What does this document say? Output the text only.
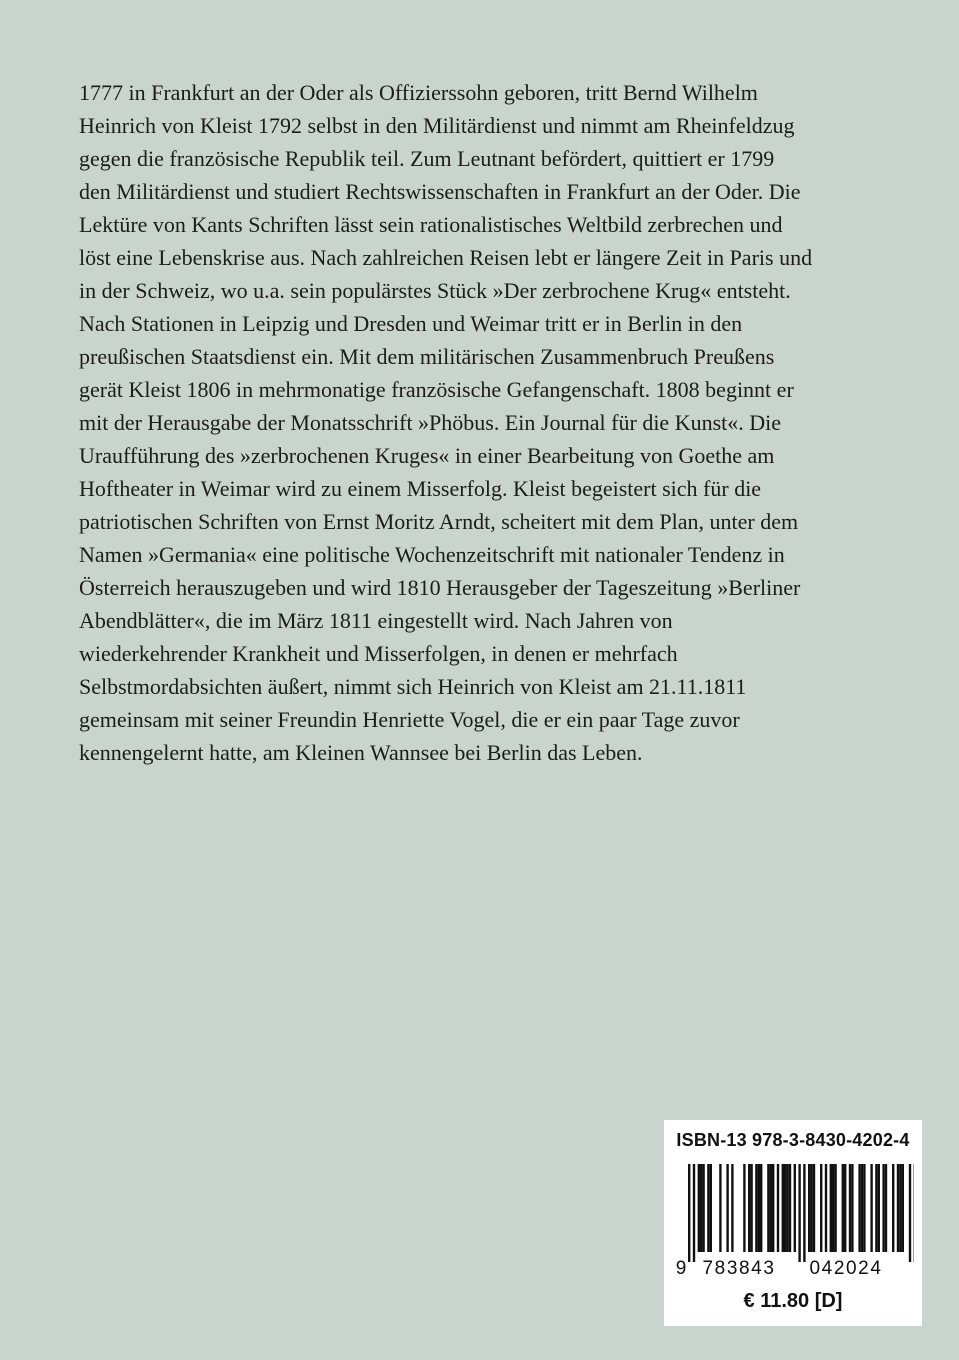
1777 in Frankfurt an der Oder als Offizierssohn geboren, tritt Bernd Wilhelm
Heinrich von Kleist 1792 selbst in den Militärdienst und nimmt am Rheinfeldzug
gegen die französische Republik teil. Zum Leutnant befördert, quittiert er 1799
den Militärdienst und studiert Rechtswissenschaften in Frankfurt an der Oder. Die
Lektüre von Kants Schriften lässt sein rationalistisches Weltbild zerbrechen und
löst eine Lebenskrise aus. Nach zahlreichen Reisen lebt er längere Zeit in Paris und
in der Schweiz, wo u.a. sein populärstes Stück »Der zerbrochene Krug« entsteht.
Nach Stationen in Leipzig und Dresden und Weimar tritt er in Berlin in den
preußischen Staatsdienst ein. Mit dem militärischen Zusammenbruch Preußens
gerät Kleist 1806 in mehrmonatige französische Gefangenschaft. 1808 beginnt er
mit der Herausgabe der Monatsschrift »Phöbus. Ein Journal für die Kunst«. Die
Uraufführung des »zerbrochenen Kruges« in einer Bearbeitung von Goethe am
Hoftheater in Weimar wird zu einem Misserfolg. Kleist begeistert sich für die
patriotischen Schriften von Ernst Moritz Arndt, scheitert mit dem Plan, unter dem
Namen »Germania« eine politische Wochenzeitschrift mit nationaler Tendenz in
Österreich herauszugeben und wird 1810 Herausgeber der Tageszeitung »Berliner
Abendblätter«, die im März 1811 eingestellt wird. Nach Jahren von
wiederkehrender Krankheit und Misserfolgen, in denen er mehrfach
Selbstmordabsichten äußert, nimmt sich Heinrich von Kleist am 21.11.1811
gemeinsam mit seiner Freundin Henriette Vogel, die er ein paar Tage zuvor
kennengelernt hatte, am Kleinen Wannsee bei Berlin das Leben.

ISBN-13 978-3-8430-4202-4
9 783843 042024
€ 11.80 [D]
